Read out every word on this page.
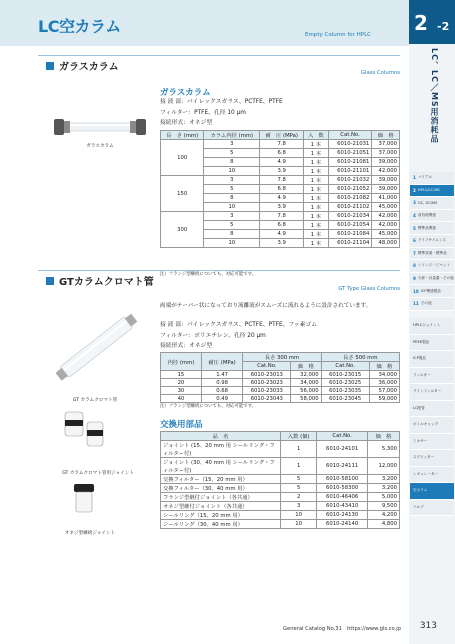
LC空カラム	Empty Column for HPLC 2 -2
LC、LC／MS用消耗品
1 バイアル
2 HPLC/LC-MS
3 GC, GC/MS
4 前処理関連
5 標準品関連
6 ライフサイエンス
7 標準試薬・標準品
8 シリンジ・ピペット
9 天秤・計量器・その他
10 ICP関連製品
11 その他
HPLCジョイント
PEEK製品
ICP製品
フィルター
ラインフィルター
LC配管
ボトルキャップ
ミキサー
スプリッター
レギュレーター
空カラム
バルブ
ガラスカラム	Glass Columns
ガラスカラム
ガラスカラム
接 液 部：パイレックスガラス、PCTFE、PTFE
フィルター：PTFE、孔径 10 μm
接続形式：オネジ型
長　さ (mm)	カラム内径 (mm)	耐　圧 (MPa)	入　数	Cat.No.	価　格
100	3	7.8	1 本	6010-21031	37,000
	5	6.8	1 本	6010-21051	37,000
	8	4.9	1 本	6010-21081	39,000
	10	3.9	1 本	6010-21101	42,000
150	3	7.8	1 本	6010-21032	39,000
	5	6.8	1 本	6010-21052	39,000
	8	4.9	1 本	6010-21082	41,000
	10	3.9	1 本	6010-21102	45,000
300	3	7.8	1 本	6010-21034	42,000
	5	6.8	1 本	6010-21054	42,000
	8	4.9	1 本	6010-21084	45,000
	10	3.9	1 本	6010-21104	48,000
注）フランジ型継続についても、対応可能です。
GTカラムクロマト管
GT Type Glass Columns
両端がテーパー状になっており流離液がスムーズに流れるように設計されています。
GT カラムクロマト管
GT カラムクロマト管用ジョイント
オネジ型継続ジョイント
接 液 部：パイレックスガラス、PCTFE、PTFE、フッ素ゴム
フィルター：ポリエチレン、孔径 20 μm
接続形式：オネジ型
内径 (mm)	耐圧 (MPa)	長さ 300 mm		長さ 500 mm	
		Cat.No.	価　格	Cat.No.	価　格
15	1.47	6010-23013	32,000	6010-23015	34,000
20	0.98	6010-23023	34,000	6010-23025	36,000
30	0.68	6010-23033	56,000	6010-23035	57,000
40	0.49	6010-23043	58,000	6010-23045	59,000
注）フランジ型継続についても、対応可能です。
交換用部品
品　名	入数 (個)	Cat.No.	価　格
ジョイント (15、20 mm 用 シールリング・フィルター付)	1	6010-24101	5,300
ジョイント (30、40 mm 用 シールリング・フィルター付)	1	6010-24111	12,000
交換フィルター（15、20 mm 用）	5	6010-58100	3,200
交換フィルター（30、40 mm 用）	5	6010-58300	3,200
フランジ型継付ジョイント（各共通）	2	6010-46406	5,000
オネジ型継付ジョイント（各共通）	3	6010-43410	9,500
シールリング（15、20 mm 用）	10	6010-24130	4,200
シールリング（30、40 mm 用）	10	6010-24140	4,800
General Catalog No.31　https://www.gls.co.jp 313
